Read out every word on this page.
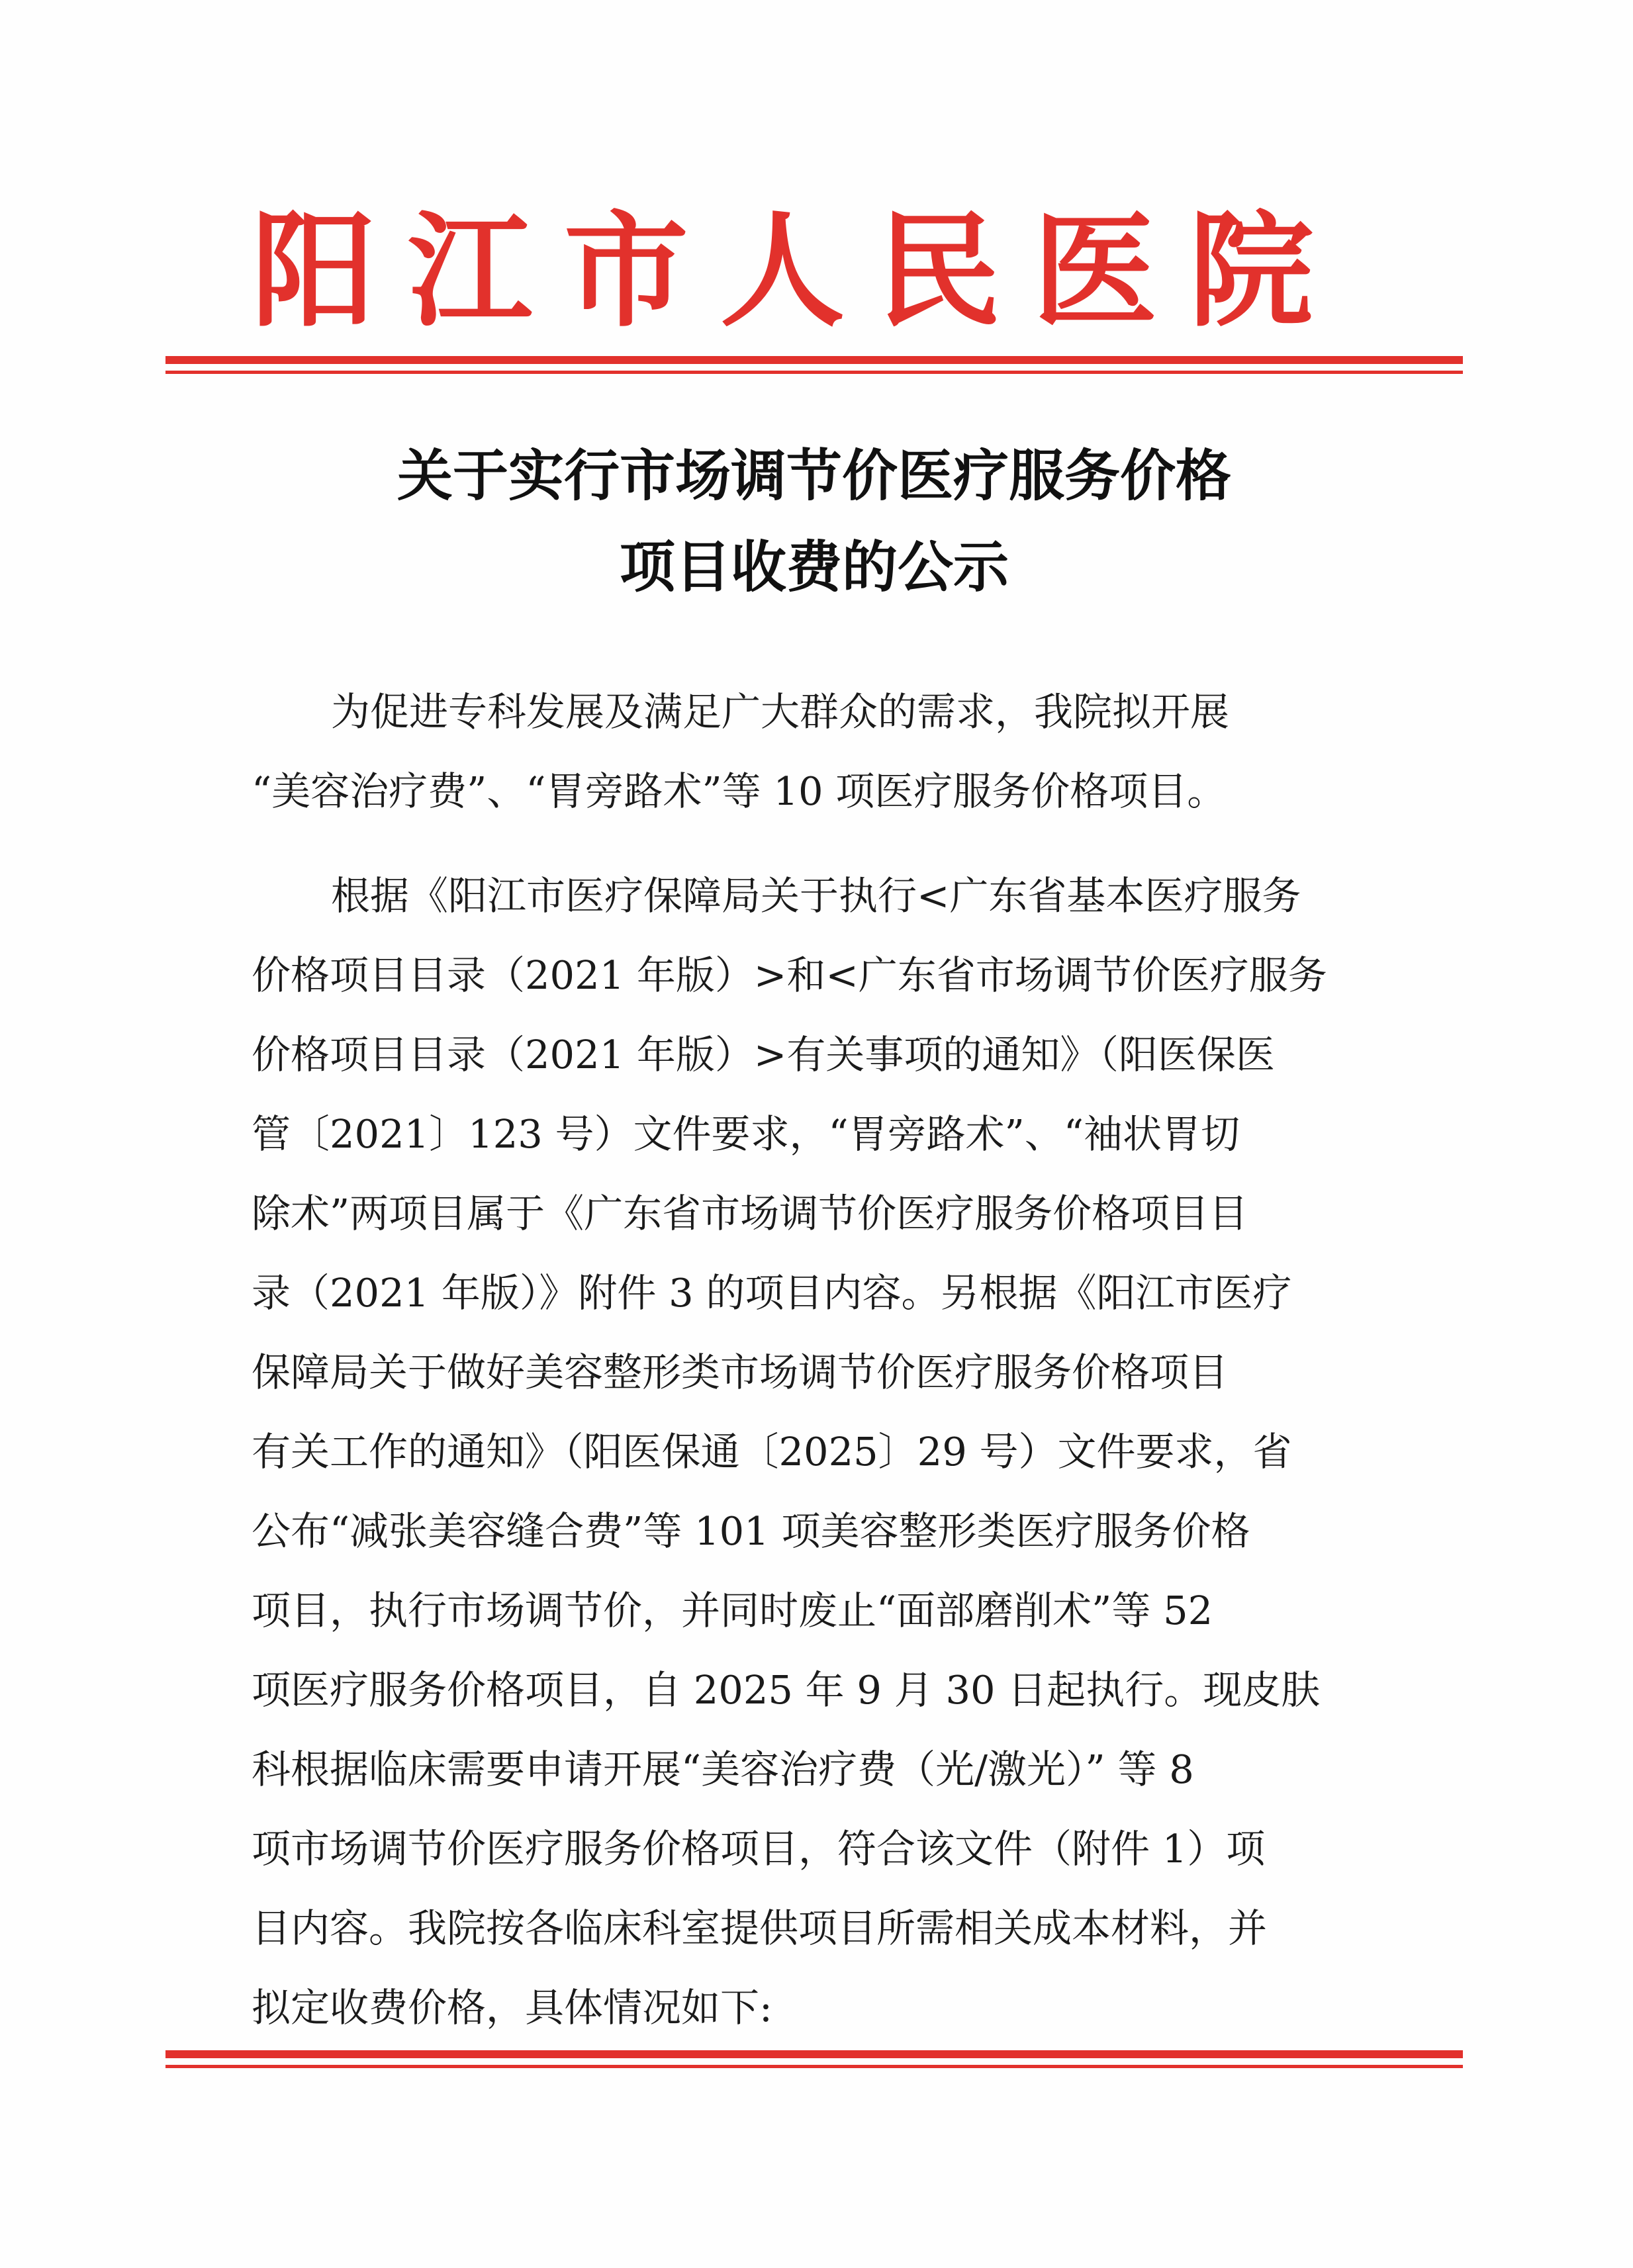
阳江市人民医院
关于实行市场调节价医疗服务价格
项目收费的公示
为促进专科发展及满足广大群众的需求，我院拟开展
“美容治疗费”、“胃旁路术”等 10 项医疗服务价格项目。
根据《阳江市医疗保障局关于执行<广东省基本医疗服务
价格项目目录（2021 年版）>和<广东省市场调节价医疗服务
价格项目目录（2021 年版）>有关事项的通知》（阳医保医
管〔2021〕123 号）文件要求，“胃旁路术”、“袖状胃切
除术”两项目属于《广东省市场调节价医疗服务价格项目目
录（2021 年版）》附件 3 的项目内容。另根据《阳江市医疗
保障局关于做好美容整形类市场调节价医疗服务价格项目
有关工作的通知》（阳医保通〔2025〕29 号）文件要求，省
公布“减张美容缝合费”等 101 项美容整形类医疗服务价格
项目，执行市场调节价，并同时废止“面部磨削术”等 52
项医疗服务价格项目，自 2025 年 9 月 30 日起执行。现皮肤
科根据临床需要申请开展“美容治疗费（光/激光）” 等 8
项市场调节价医疗服务价格项目，符合该文件（附件 1）项
目内容。我院按各临床科室提供项目所需相关成本材料，并
拟定收费价格，具体情况如下:
